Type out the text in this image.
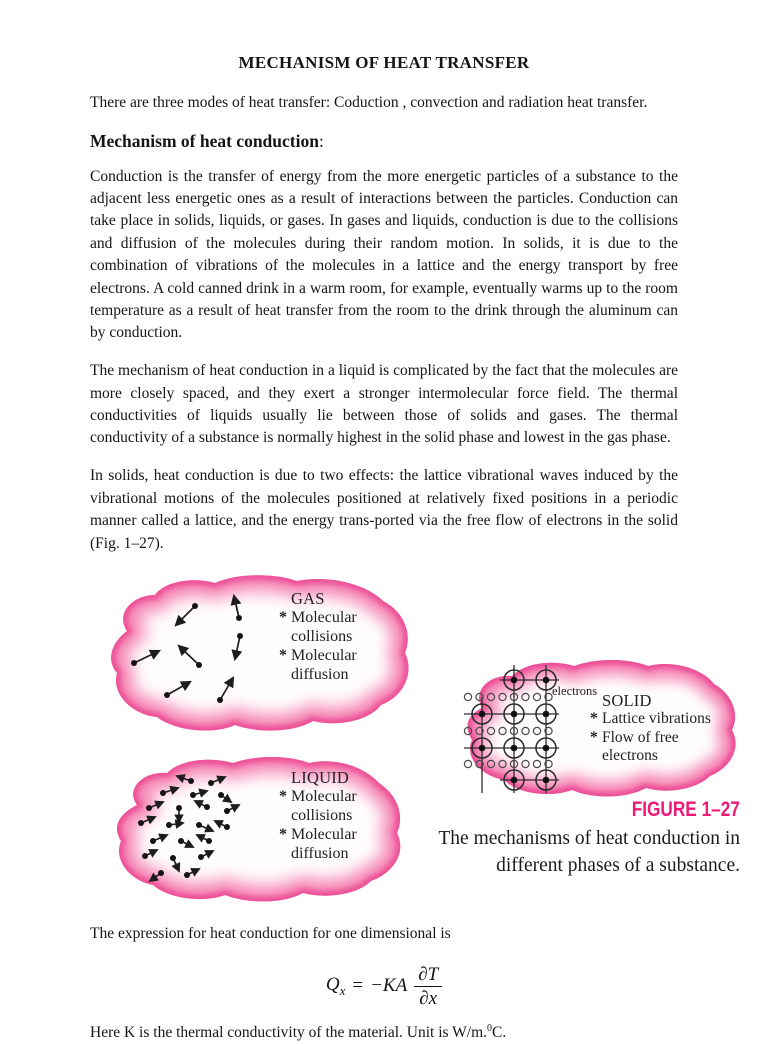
MECHANISM OF HEAT TRANSFER

There are three modes of heat transfer: Coduction , convection and radiation heat transfer.

Mechanism of heat conduction:

Conduction is the transfer of energy from the more energetic particles of a substance to the adjacent less energetic ones as a result of interactions between the particles. Conduction can take place in solids, liquids, or gases. In gases and liquids, conduction is due to the collisions and diffusion of the molecules during their random motion. In solids, it is due to the combination of vibrations of the molecules in a lattice and the energy transport by free electrons. A cold canned drink in a warm room, for example, eventually warms up to the room temperature as a result of heat transfer from the room to the drink through the aluminum can by conduction.

The mechanism of heat conduction in a liquid is complicated by the fact that the molecules are more closely spaced, and they exert a stronger intermolecular force field. The thermal conductivities of liquids usually lie between those of solids and gases. The thermal conductivity of a substance is normally highest in the solid phase and lowest in the gas phase.

In solids, heat conduction is due to two effects: the lattice vibrational waves induced by the vibrational motions of the molecules positioned at relatively fixed positions in a periodic manner called a lattice, and the energy trans-ported via the free flow of electrons in the solid (Fig. 1–27).

GAS
* Molecular collisions
* Molecular diffusion
LIQUID
* Molecular collisions
* Molecular diffusion
electrons SOLID
* Lattice vibrations
* Flow of free electrons
FIGURE 1–27
The mechanisms of heat conduction in
different phases of a substance.

The expression for heat conduction for one dimensional is

$Q_x = -KA \frac{\partial T}{\partial x}$

Here K is the thermal conductivity of the material. Unit is W/m.$^0$C.
